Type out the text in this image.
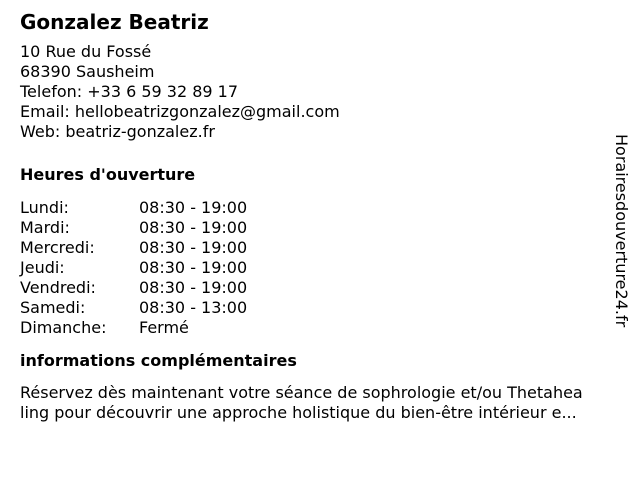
Gonzalez Beatriz
10 Rue du Fossé
68390 Sausheim
Telefon: +33 6 59 32 89 17
Email: hellobeatrizgonzalez@gmail.com
Web: beatriz-gonzalez.fr
Heures d'ouverture
Lundi:	08:30 - 19:00
Mardi:	08:30 - 19:00
Mercredi:	08:30 - 19:00
Jeudi:	08:30 - 19:00
Vendredi:	08:30 - 19:00
Samedi:	08:30 - 13:00
Dimanche:	Fermé
informations complémentaires
Réservez dès maintenant votre séance de sophrologie et/ou Thetahea
ling pour découvrir une approche holistique du bien-être intérieur e...
Horairesdouverture24.fr
